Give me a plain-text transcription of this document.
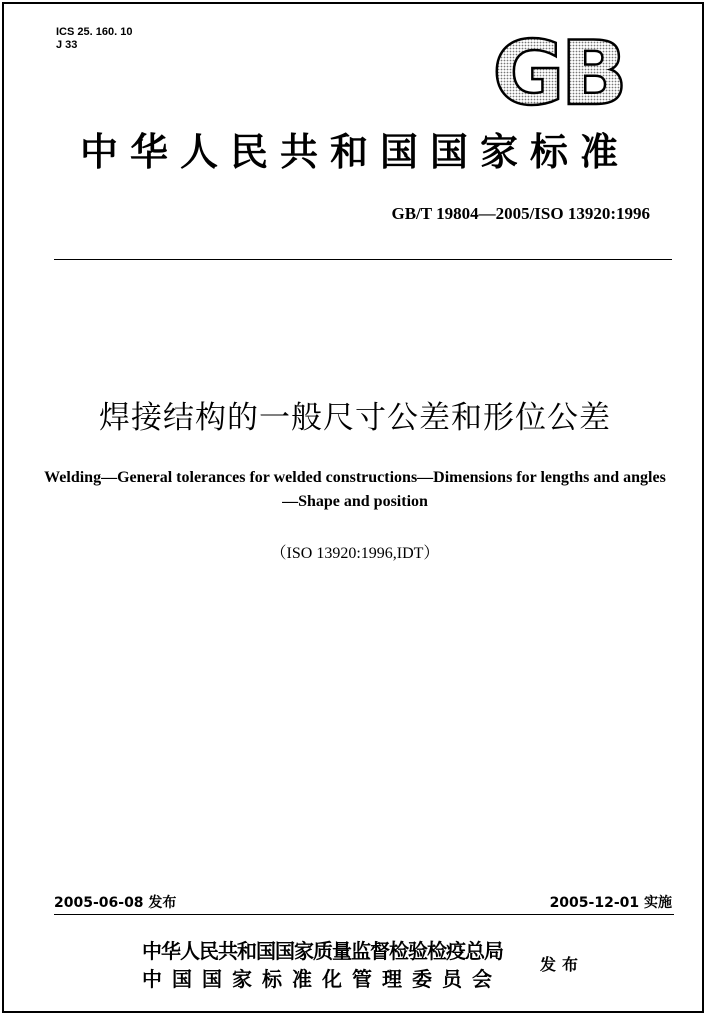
ICS 25. 160. 10
J 33	GB
中华人民共和国国家标准
GB/T 19804—2005/ISO 13920:1996
焊接结构的一般尺寸公差和形位公差
Welding—General tolerances for welded constructions—Dimensions for lengths and angles—Shape and position
（ISO 13920:1996,IDT）
2005-06-08 发布	2005-12-01 实施
中华人民共和国国家质量监督检验检疫总局
中国国家标准化管理委员会
发布
